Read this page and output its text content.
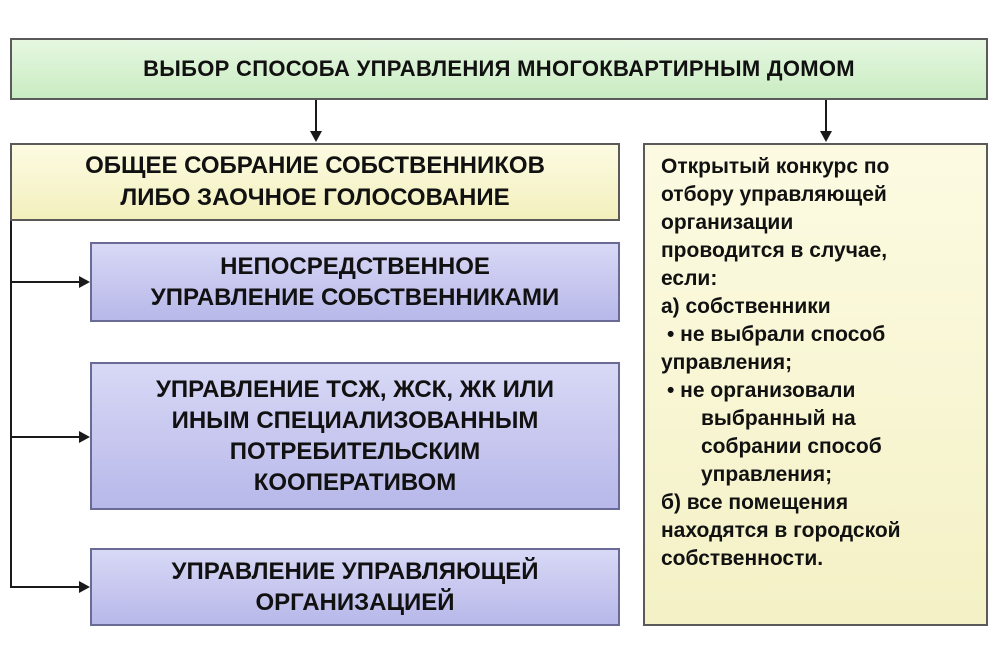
ВЫБОР СПОСОБА УПРАВЛЕНИЯ МНОГОКВАРТИРНЫМ ДОМОМ
ОБЩЕЕ СОБРАНИЕ СОБСТВЕННИКОВ
ЛИБО ЗАОЧНОЕ ГОЛОСОВАНИЕ
НЕПОСРЕДСТВЕННОЕ
УПРАВЛЕНИЕ СОБСТВЕННИКАМИ
УПРАВЛЕНИЕ ТСЖ, ЖСК, ЖК ИЛИ
ИНЫМ СПЕЦИАЛИЗОВАННЫМ
ПОТРЕБИТЕЛЬСКИМ
КООПЕРАТИВОМ
УПРАВЛЕНИЕ УПРАВЛЯЮЩЕЙ
ОРГАНИЗАЦИЕЙ
Открытый конкурс по
отбору управляющей
организации
проводится в случае,
если:
а) собственники
• не выбрали способ
управления;
• не организовали
выбранный на
собрании способ
управления;
б) все помещения
находятся в городской
собственности.
